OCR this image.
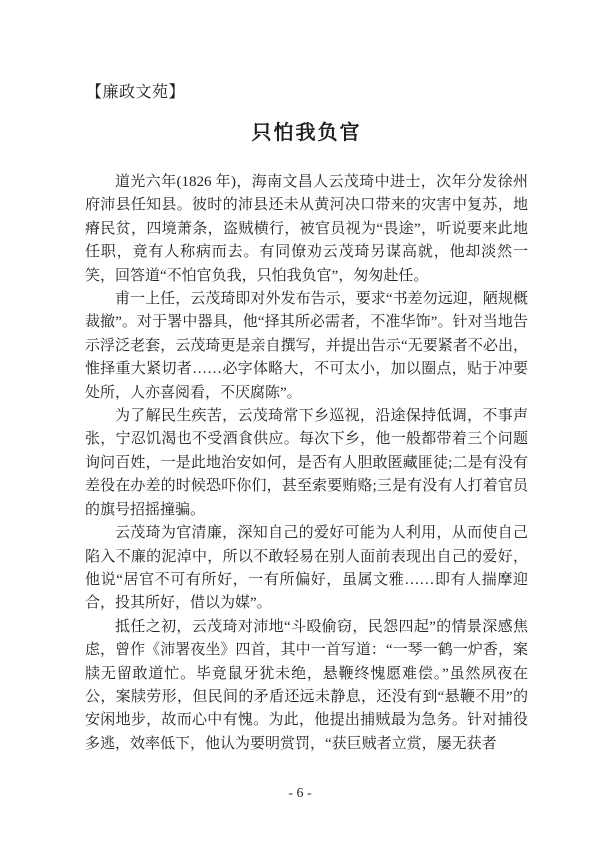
【廉政文苑】
只怕我负官

道光六年(1826 年)，海南文昌人云茂琦中进士，次年分发徐州府沛县任知县。彼时的沛县还未从黄河决口带来的灾害中复苏，地瘠民贫，四境萧条，盗贼横行，被官员视为“畏途”，听说要来此地任职，竟有人称病而去。有同僚劝云茂琦另谋高就，他却淡然一笑，回答道“不怕官负我，只怕我负官”，匆匆赴任。

甫一上任，云茂琦即对外发布告示，要求“书差勿远迎，陋规概裁撤”。对于署中器具，他“择其所必需者，不准华饰”。针对当地告示浮泛老套，云茂琦更是亲自撰写，并提出告示“无要紧者不必出，惟择重大紧切者……必字体略大，不可太小，加以圈点，贴于冲要处所，人亦喜阅看，不厌腐陈”。

为了解民生疾苦，云茂琦常下乡巡视，沿途保持低调，不事声张，宁忍饥渴也不受酒食供应。每次下乡，他一般都带着三个问题询问百姓，一是此地治安如何，是否有人胆敢匿藏匪徒;二是有没有差役在办差的时候恐吓你们，甚至索要贿赂;三是有没有人打着官员的旗号招摇撞骗。

云茂琦为官清廉，深知自己的爱好可能为人利用，从而使自己陷入不廉的泥淖中，所以不敢轻易在别人面前表现出自己的爱好，他说“居官不可有所好，一有所偏好，虽属文雅……即有人揣摩迎合，投其所好，借以为媒”。

抵任之初，云茂琦对沛地“斗殴偷窃，民怨四起”的情景深感焦虑，曾作《沛署夜坐》四首，其中一首写道：“一琴一鹤一炉香，案牍无留敢道忙。毕竟鼠牙犹未绝，悬鞭终愧愿难偿。”虽然夙夜在公，案牍劳形，但民间的矛盾还远未静息，还没有到“悬鞭不用”的安闲地步，故而心中有愧。为此，他提出捕贼最为急务。针对捕役多逃，效率低下，他认为要明赏罚，“获巨贼者立赏，屡无获者

- 6 -
